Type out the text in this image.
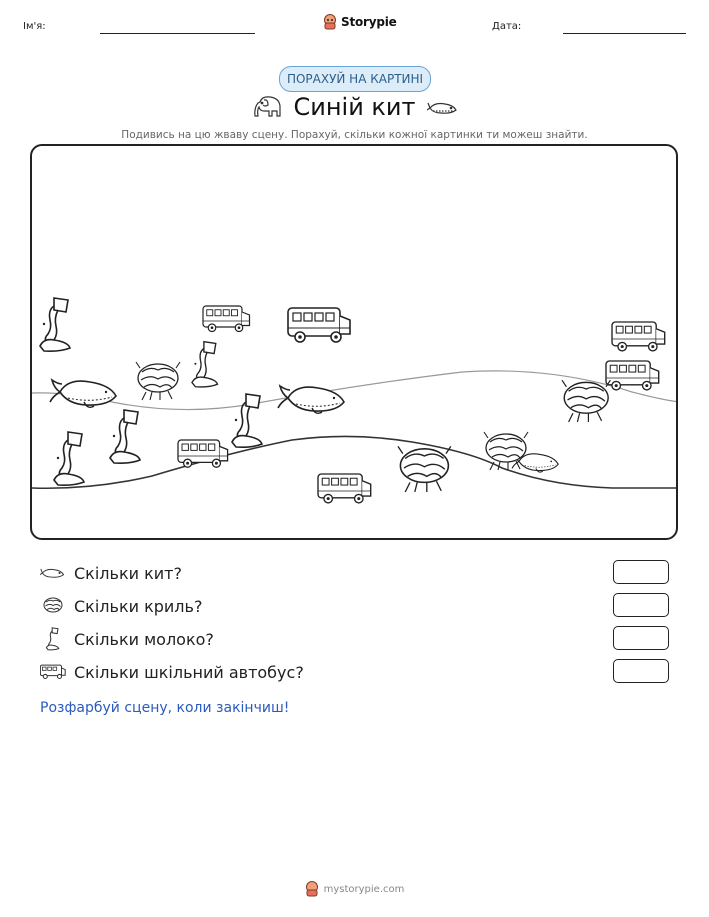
Ім'я:	Storypie	Дата:
ПОРАХУЙ НА КАРТИНІ
Синій кит
Подивись на цю жваву сцену. Порахуй, скільки кожної картинки ти можеш знайти.
Скільки кит?
Скільки криль?
Скільки молоко?
Скільки шкільний автобус?
Розфарбуй сцену, коли закінчиш!
mystorypie.com
